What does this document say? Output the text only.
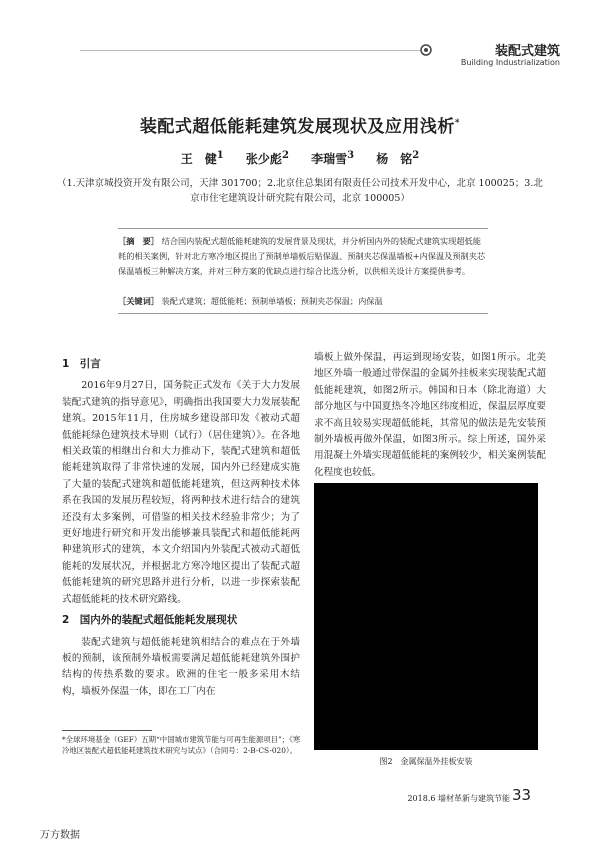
装配式建筑
Building Industrialization
装配式超低能耗建筑发展现状及应用浅析*
王　健$^1$ 张少彪$^2$ 李瑞雪$^3$ 杨　铭$^2$
（1.天津京城投资开发有限公司，天津 301700；2.北京住总集团有限责任公司技术开发中心，北京 100025；3.北京市住宅建筑设计研究院有限公司，北京 100005）
［摘　要］ 结合国内装配式超低能耗建筑的发展背景及现状，并分析国内外的装配式建筑实现超低能耗的相关案例，针对北方寒冷地区提出了预制单墙板后贴保温、预制夹芯保温墙板+内保温及预制夹芯保温墙板三种解决方案，并对三种方案的优缺点进行综合比选分析，以供相关设计方案提供参考。
［关键词］ 装配式建筑；超低能耗；预制单墙板；预制夹芯保温；内保温
1　引言

2016年9月27日，国务院正式发布《关于大力发展装配式建筑的指导意见》，明确指出我国要大力发展装配建筑。2015年11月，住房城乡建设部印发《被动式超低能耗绿色建筑技术导则（试行）（居住建筑）》。在各地相关政策的相继出台和大力推动下，装配式建筑和超低能耗建筑取得了非常快速的发展，国内外已经建成实施了大量的装配式建筑和超低能耗建筑，但这两种技术体系在我国的发展历程较短，将两种技术进行结合的建筑还没有太多案例，可借鉴的相关技术经验非常少；为了更好地进行研究和开发出能够兼具装配式和超低能耗两种建筑形式的建筑，本文介绍国内外装配式被动式超低能耗的发展状况，并根据北方寒冷地区提出了装配式超低能耗建筑的研究思路并进行分析，以进一步探索装配式超低能耗的技术研究路线。

2　国内外的装配式超低能耗发展现状

装配式建筑与超低能耗建筑相结合的难点在于外墙板的预制，该预制外墙板需要满足超低能耗建筑外围护结构的传热系数的要求。欧洲的住宅一般多采用木结构，墙板外保温一体，即在工厂内在

墙板上做外保温，再运到现场安装，如图1所示。北美地区外墙一般通过带保温的金属外挂板来实现装配式超低能耗建筑，如图2所示。韩国和日本（除北海道）大部分地区与中国夏热冬冷地区纬度相近，保温层厚度要求不高且较易实现超低能耗，其常见的做法是先安装预制外墙板再做外保温，如图3所示。综上所述，国外采用混凝土外墙实现超低能耗的案例较少，相关案例装配化程度也较低。

图2　金属保温外挂板安装
*全球环境基金（GEF）五期“中国城市建筑节能与可再生能源项目”；《寒冷地区装配式超低能耗建筑技术研究与试点》（合同号：2-B-CS-020）。
2018.6 墙材革新与建筑节能 33
万方数据
